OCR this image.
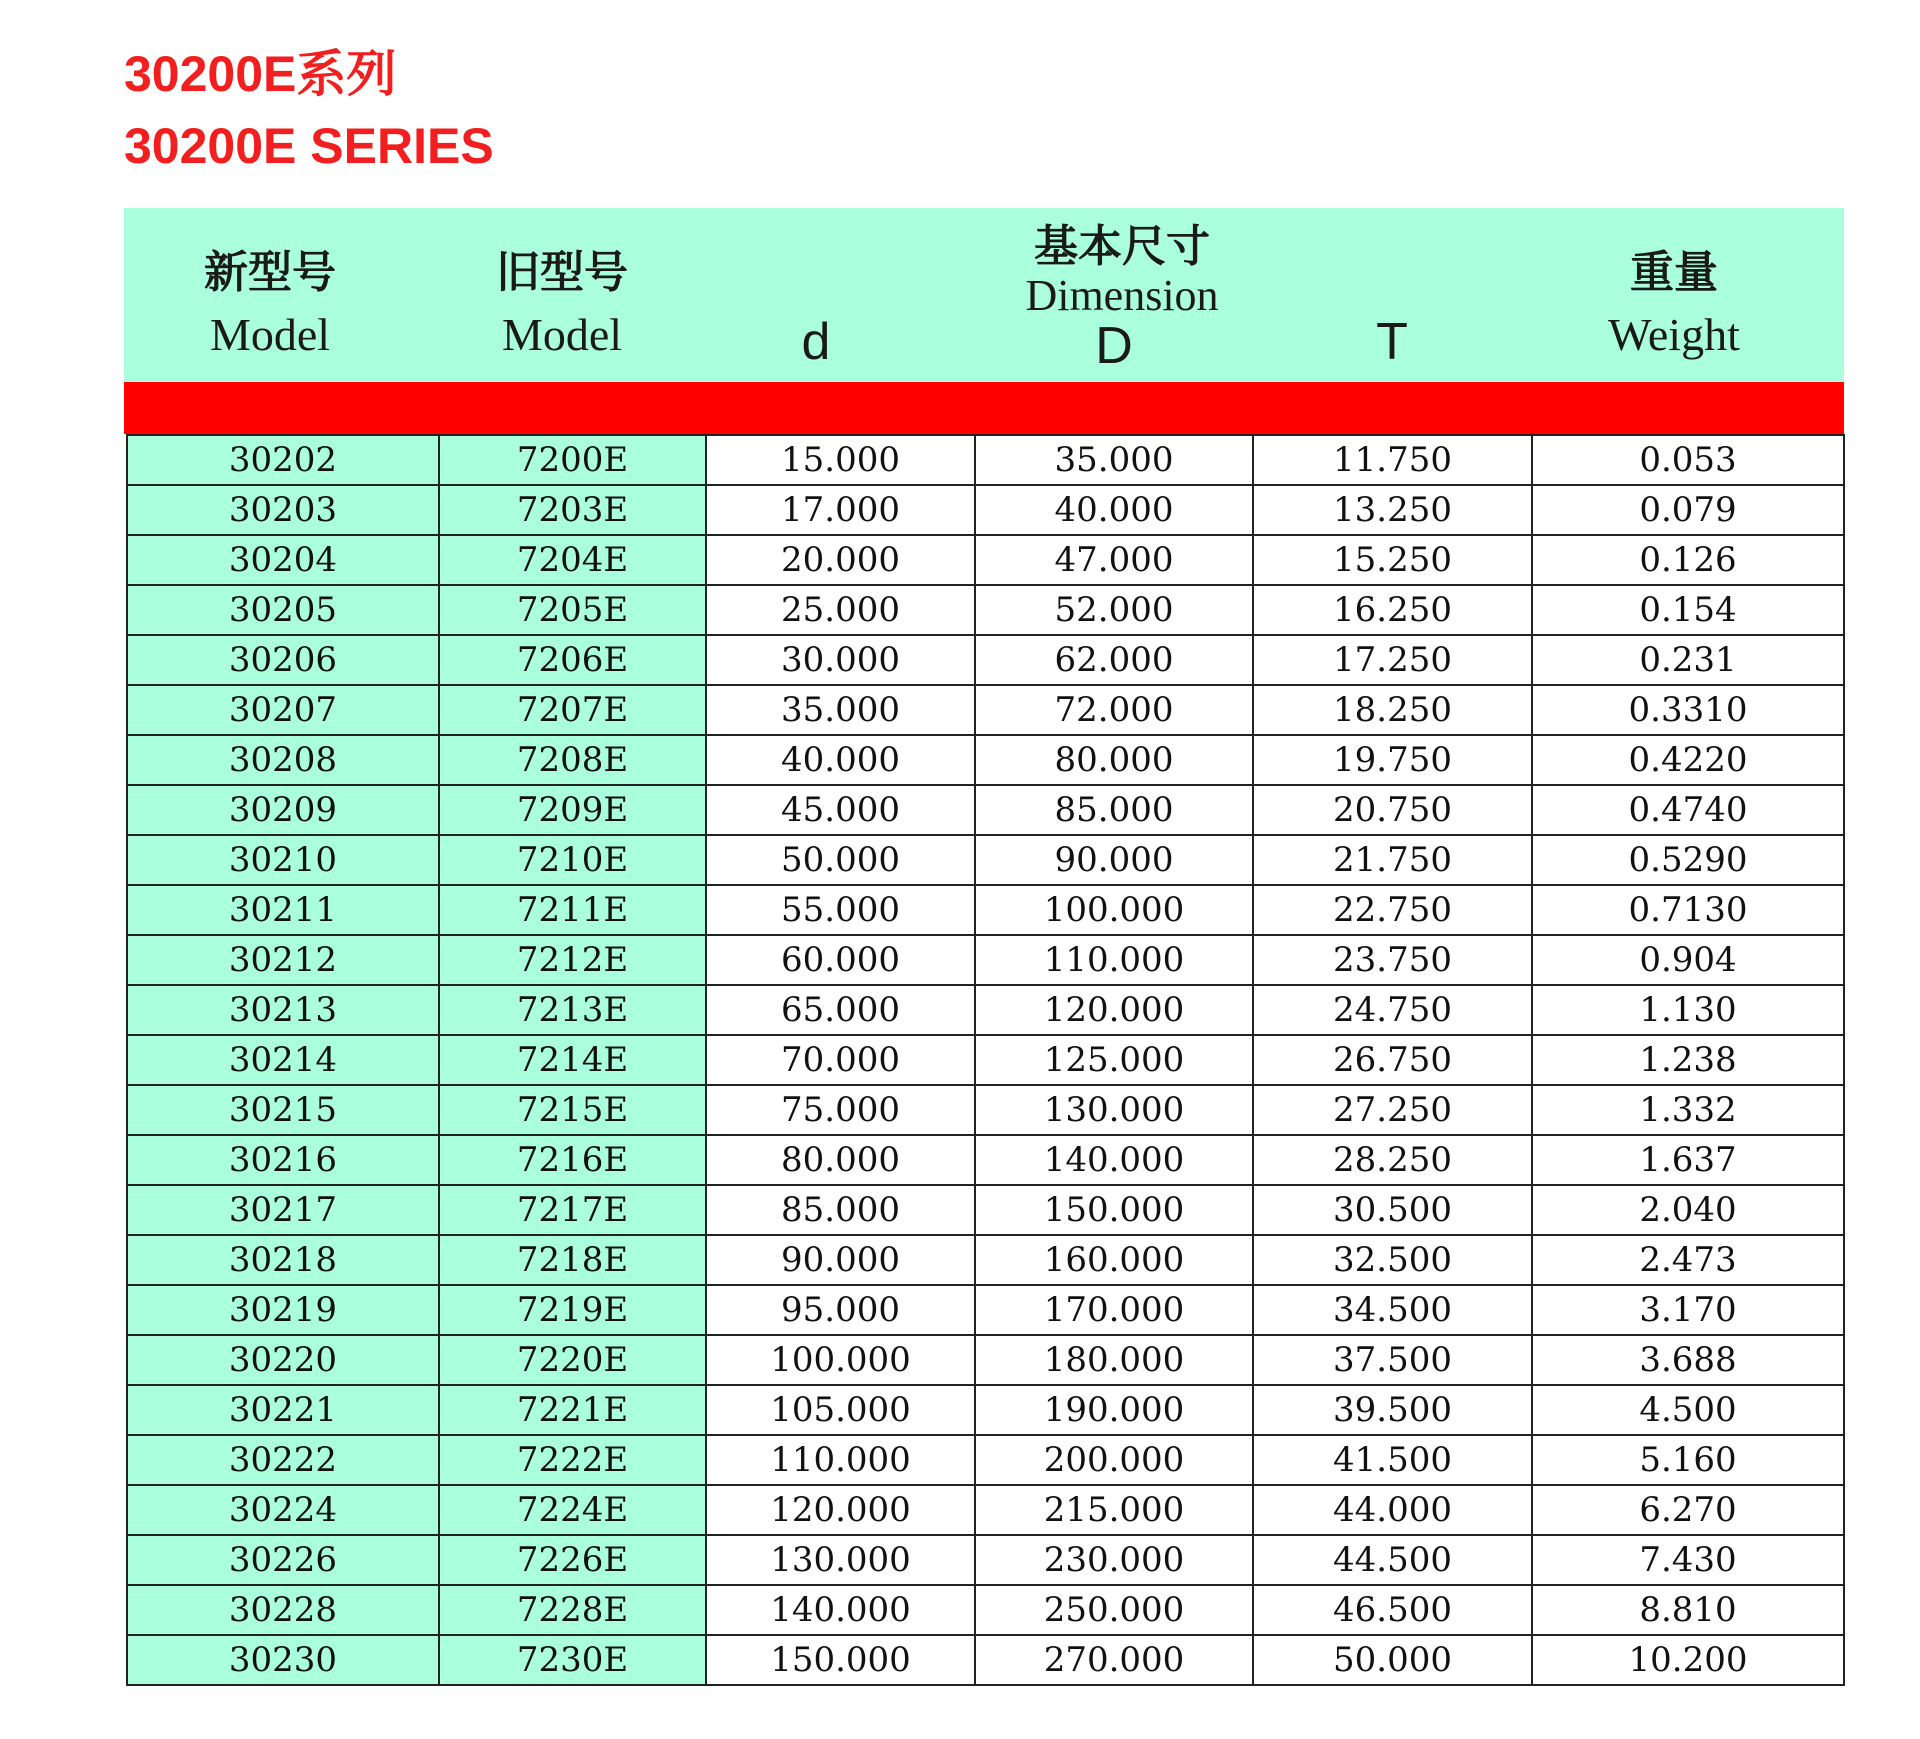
30200E系列
30200E SERIES
新型号
Model
旧型号
Model
基本尺寸
Dimension
d	D	T
重量
Weight
30202	7200E	15.000	35.000	11.750	0.053
30203	7203E	17.000	40.000	13.250	0.079
30204	7204E	20.000	47.000	15.250	0.126
30205	7205E	25.000	52.000	16.250	0.154
30206	7206E	30.000	62.000	17.250	0.231
30207	7207E	35.000	72.000	18.250	0.3310
30208	7208E	40.000	80.000	19.750	0.4220
30209	7209E	45.000	85.000	20.750	0.4740
30210	7210E	50.000	90.000	21.750	0.5290
30211	7211E	55.000	100.000	22.750	0.7130
30212	7212E	60.000	110.000	23.750	0.904
30213	7213E	65.000	120.000	24.750	1.130
30214	7214E	70.000	125.000	26.750	1.238
30215	7215E	75.000	130.000	27.250	1.332
30216	7216E	80.000	140.000	28.250	1.637
30217	7217E	85.000	150.000	30.500	2.040
30218	7218E	90.000	160.000	32.500	2.473
30219	7219E	95.000	170.000	34.500	3.170
30220	7220E	100.000	180.000	37.500	3.688
30221	7221E	105.000	190.000	39.500	4.500
30222	7222E	110.000	200.000	41.500	5.160
30224	7224E	120.000	215.000	44.000	6.270
30226	7226E	130.000	230.000	44.500	7.430
30228	7228E	140.000	250.000	46.500	8.810
30230	7230E	150.000	270.000	50.000	10.200
